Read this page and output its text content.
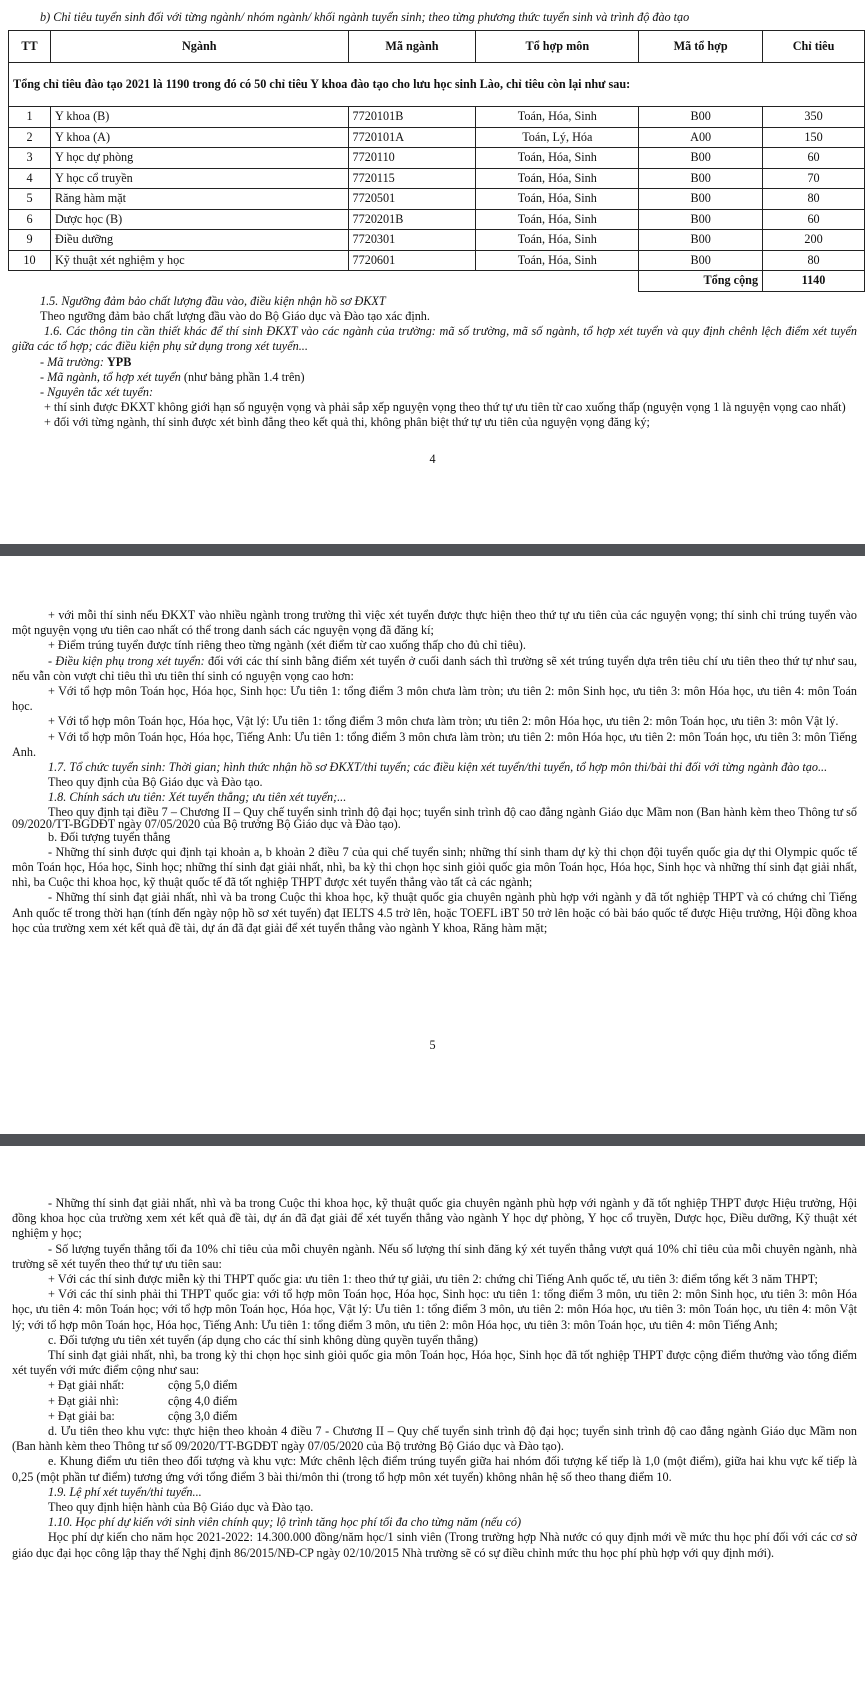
b) Chỉ tiêu tuyển sinh đối với từng ngành/ nhóm ngành/ khối ngành tuyển sinh; theo từng phương thức tuyển sinh và trình độ đào tạo

TT	Ngành	Mã ngành	Tổ hợp môn	Mã tổ hợp	Chỉ tiêu
Tổng chỉ tiêu đào tạo 2021 là 1190 trong đó có 50 chỉ tiêu Y khoa đào tạo cho lưu học sinh Lào, chỉ tiêu còn lại như sau:					
1	Y khoa (B)	7720101B	Toán, Hóa, Sinh	B00	350
2	Y khoa (A)	7720101A	Toán, Lý, Hóa	A00	150
3	Y học dự phòng	7720110	Toán, Hóa, Sinh	B00	60
4	Y học cổ truyền	7720115	Toán, Hóa, Sinh	B00	70
5	Răng hàm mặt	7720501	Toán, Hóa, Sinh	B00	80
6	Dược học (B)	7720201B	Toán, Hóa, Sinh	B00	60
9	Điều dưỡng	7720301	Toán, Hóa, Sinh	B00	200
10	Kỹ thuật xét nghiệm y học	7720601	Toán, Hóa, Sinh	B00	80
				Tổng cộng	1140

1.5. Ngưỡng đảm bảo chất lượng đầu vào, điều kiện nhận hồ sơ ĐKXT

Theo ngưỡng đảm bảo chất lượng đầu vào do Bộ Giáo dục và Đào tạo xác định.

1.6. Các thông tin cần thiết khác để thí sinh ĐKXT vào các ngành của trường: mã số trường, mã số ngành, tổ hợp xét tuyển và quy định chênh lệch điểm xét tuyển giữa các tổ hợp; các điều kiện phụ sử dụng trong xét tuyển...

- Mã trường: YPB

- Mã ngành, tổ hợp xét tuyển (như bảng phần 1.4 trên)

- Nguyên tắc xét tuyển:

+ thí sinh được ĐKXT không giới hạn số nguyện vọng và phải sắp xếp nguyện vọng theo thứ tự ưu tiên từ cao xuống thấp (nguyện vọng 1 là nguyện vọng cao nhất)

+ đối với từng ngành, thí sinh được xét bình đẳng theo kết quả thi, không phân biệt thứ tự ưu tiên của nguyện vọng đăng ký;

4

+ với mỗi thí sinh nếu ĐKXT vào nhiều ngành trong trường thì việc xét tuyển được thực hiện theo thứ tự ưu tiên của các nguyện vọng; thí sinh chỉ trúng tuyển vào một nguyện vọng ưu tiên cao nhất có thể trong danh sách các nguyện vọng đã đăng kí;

+ Điểm trúng tuyển được tính riêng theo từng ngành (xét điểm từ cao xuống thấp cho đủ chỉ tiêu).

- Điều kiện phụ trong xét tuyển: đối với các thí sinh bằng điểm xét tuyển ở cuối danh sách thì trường sẽ xét trúng tuyển dựa trên tiêu chí ưu tiên theo thứ tự như sau, nếu vẫn còn vượt chỉ tiêu thì ưu tiên thí sinh có nguyện vọng cao hơn:

+ Với tổ hợp môn Toán học, Hóa học, Sinh học: Ưu tiên 1: tổng điểm 3 môn chưa làm tròn; ưu tiên 2: môn Sinh học, ưu tiên 3: môn Hóa học, ưu tiên 4: môn Toán học.

+ Với tổ hợp môn Toán học, Hóa học, Vật lý: Ưu tiên 1: tổng điểm 3 môn chưa làm tròn; ưu tiên 2: môn Hóa học, ưu tiên 2: môn Toán học, ưu tiên 3: môn Vật lý.

+ Với tổ hợp môn Toán học, Hóa học, Tiếng Anh: Ưu tiên 1: tổng điểm 3 môn chưa làm tròn; ưu tiên 2: môn Hóa học, ưu tiên 2: môn Toán học, ưu tiên 3: môn Tiếng Anh.

1.7. Tổ chức tuyển sinh: Thời gian; hình thức nhận hồ sơ ĐKXT/thi tuyển; các điều kiện xét tuyển/thi tuyển, tổ hợp môn thi/bài thi đối với từng ngành đào tạo...

Theo quy định của Bộ Giáo dục và Đào tạo.

1.8. Chính sách ưu tiên: Xét tuyển thẳng; ưu tiên xét tuyển;...

Theo quy định tại điều 7 – Chương II – Quy chế tuyển sinh trình độ đại học; tuyển sinh trình độ cao đẳng ngành Giáo dục Mầm non (Ban hành kèm theo Thông tư số 09/2020/TT-BGDĐT ngày 07/05/2020 của Bộ trưởng Bộ Giáo dục và Đào tạo).

b. Đối tượng tuyển thẳng

- Những thí sinh được qui định tại khoản a, b khoản 2 điều 7 của qui chế tuyển sinh; những thí sinh tham dự kỳ thi chọn đội tuyển quốc gia dự thi Olympic quốc tế môn Toán học, Hóa học, Sinh học; những thí sinh đạt giải nhất, nhì, ba kỳ thi chọn học sinh giỏi quốc gia môn Toán học, Hóa học, Sinh học và những thí sinh đạt giải nhất, nhì, ba Cuộc thi khoa học, kỹ thuật quốc tế đã tốt nghiệp THPT được xét tuyển thẳng vào tất cả các ngành;

- Những thí sinh đạt giải nhất, nhì và ba trong Cuộc thi khoa học, kỹ thuật quốc gia chuyên ngành phù hợp với ngành y đã tốt nghiệp THPT và có chứng chỉ Tiếng Anh quốc tế trong thời hạn (tính đến ngày nộp hồ sơ xét tuyển) đạt IELTS 4.5 trở lên, hoặc TOEFL iBT 50 trở lên hoặc có bài báo quốc tế được Hiệu trưởng, Hội đồng khoa học của trường xem xét kết quả đề tài, dự án đã đạt giải để xét tuyển thẳng vào ngành Y khoa, Răng hàm mặt;

5

- Những thí sinh đạt giải nhất, nhì và ba trong Cuộc thi khoa học, kỹ thuật quốc gia chuyên ngành phù hợp với ngành y đã tốt nghiệp THPT được Hiệu trưởng, Hội đồng khoa học của trường xem xét kết quả đề tài, dự án đã đạt giải để xét tuyển thẳng vào ngành Y học dự phòng, Y học cổ truyền, Dược học, Điều dưỡng, Kỹ thuật xét nghiệm y học;

- Số lượng tuyển thẳng tối đa 10% chỉ tiêu của mỗi chuyên ngành. Nếu số lượng thí sinh đăng ký xét tuyển thẳng vượt quá 10% chỉ tiêu của mỗi chuyên ngành, nhà trường sẽ xét tuyển theo thứ tự ưu tiên sau:

+ Với các thí sinh được miễn kỳ thi THPT quốc gia: ưu tiên 1: theo thứ tự giải, ưu tiên 2: chứng chỉ Tiếng Anh quốc tế, ưu tiên 3: điểm tổng kết 3 năm THPT;

+ Với các thí sinh phải thi THPT quốc gia: với tổ hợp môn Toán học, Hóa học, Sinh học: ưu tiên 1: tổng điểm 3 môn, ưu tiên 2: môn Sinh học, ưu tiên 3: môn Hóa học, ưu tiên 4: môn Toán học; với tổ hợp môn Toán học, Hóa học, Vật lý: Ưu tiên 1: tổng điểm 3 môn, ưu tiên 2: môn Hóa học, ưu tiên 3: môn Toán học, ưu tiên 4: môn Vật lý; với tổ hợp môn Toán học, Hóa học, Tiếng Anh: Ưu tiên 1: tổng điểm 3 môn, ưu tiên 2: môn Hóa học, ưu tiên 3: môn Toán học, ưu tiên 4: môn Tiếng Anh;

c. Đối tượng ưu tiên xét tuyển (áp dụng cho các thí sinh không dùng quyền tuyển thẳng)

Thí sinh đạt giải nhất, nhì, ba trong kỳ thi chọn học sinh giỏi quốc gia môn Toán học, Hóa học, Sinh học đã tốt nghiệp THPT được cộng điểm thưởng vào tổng điểm xét tuyển với mức điểm cộng như sau:

+ Đạt giải nhất:	cộng 5,0 điểm

+ Đạt giải nhì:	cộng 4,0 điểm

+ Đạt giải ba:	cộng 3,0 điểm

d. Ưu tiên theo khu vực: thực hiện theo khoản 4 điều 7 - Chương II – Quy chế tuyển sinh trình độ đại học; tuyển sinh trình độ cao đẳng ngành Giáo dục Mầm non (Ban hành kèm theo Thông tư số 09/2020/TT-BGDĐT ngày 07/05/2020 của Bộ trưởng Bộ Giáo dục và Đào tạo).

e. Khung điểm ưu tiên theo đối tượng và khu vực: Mức chênh lệch điểm trúng tuyển giữa hai nhóm đối tượng kế tiếp là 1,0 (một điểm), giữa hai khu vực kế tiếp là 0,25 (một phần tư điểm) tương ứng với tổng điểm 3 bài thi/môn thi (trong tổ hợp môn xét tuyển) không nhân hệ số theo thang điểm 10.

1.9. Lệ phí xét tuyển/thi tuyển...

Theo quy định hiện hành của Bộ Giáo dục và Đào tạo.

1.10. Học phí dự kiến với sinh viên chính quy; lộ trình tăng học phí tối đa cho từng năm (nếu có)

Học phí dự kiến cho năm học 2021-2022: 14.300.000 đồng/năm học/1 sinh viên (Trong trường hợp Nhà nước có quy định mới về mức thu học phí đối với các cơ sở giáo dục đại học công lập thay thế Nghị định 86/2015/NĐ-CP ngày 02/10/2015 Nhà trường sẽ có sự điều chỉnh mức thu học phí phù hợp với quy định mới).
